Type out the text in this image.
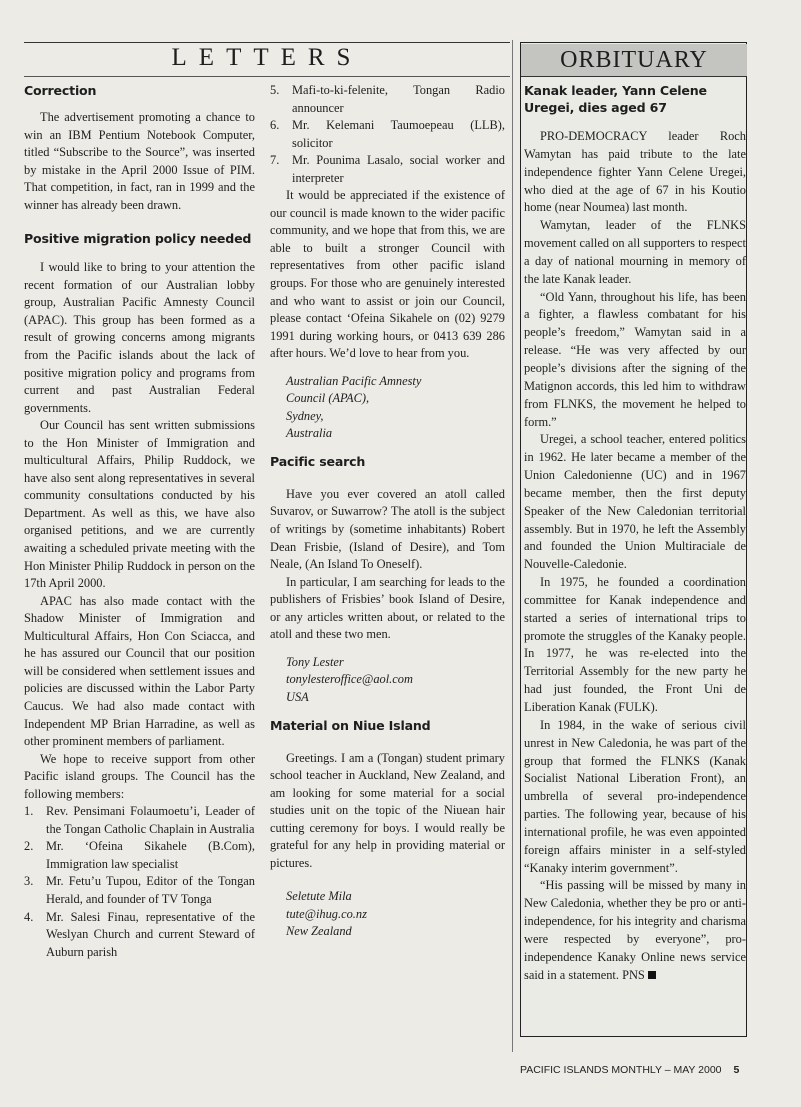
LETTERS
Correction

The advertisement promoting a chance to win an IBM Pentium Notebook Computer, titled “Subscribe to the Source”, was inserted by mistake in the April 2000 Issue of PIM. That competition, in fact, ran in 1999 and the winner has already been drawn.

Positive migration policy needed

I would like to bring to your attention the recent formation of our Australian lobby group, Australian Pacific Amnesty Council (APAC). This group has been formed as a result of growing concerns among migrants from the Pacific islands about the lack of positive migration policy and programs from current and past Australian Federal governments.

Our Council has sent written submissions to the Hon Minister of Immigration and multicultural Affairs, Philip Ruddock, we have also sent along representatives in several community consultations conducted by his Department. As well as this, we have also organised petitions, and we are currently awaiting a scheduled private meeting with the Hon Minister Philip Ruddock in person on the 17th April 2000.

APAC has also made contact with the Shadow Minister of Immigration and Multicultural Affairs, Hon Con Sciacca, and he has assured our Council that our position will be considered when settlement issues and policies are discussed within the Labor Party Caucus. We had also made contact with Independent MP Brian Harradine, as well as other prominent members of parliament.

We hope to receive support from other Pacific island groups. The Council has the following members:

1. Rev. Pensimani Folaumoetu’i, Leader of the Tongan Catholic Chaplain in Australia
2. Mr. ‘Ofeina Sikahele (B.Com), Immigration law specialist
3. Mr. Fetu’u Tupou, Editor of the Tongan Herald, and founder of TV Tonga
4. Mr. Salesi Finau, representative of the Weslyan Church and current Steward of Auburn parish
5. Mafi-to-ki-felenite, Tongan Radio announcer
6. Mr. Kelemani Taumoepeau (LLB), solicitor
7. Mr. Pounima Lasalo, social worker and interpreter

It would be appreciated if the existence of our council is made known to the wider pacific community, and we hope that from this, we are able to built a stronger Council with representatives from other pacific island groups. For those who are genuinely interested and who want to assist or join our Council, please contact ‘Ofeina Sikahele on (02) 9279 1991 during working hours, or 0413 639 286 after hours. We’d love to hear from you.

Australian Pacific Amnesty
Council (APAC),
Sydney,
Australia
Pacific search

Have you ever covered an atoll called Suvarov, or Suwarrow? The atoll is the subject of writings by (sometime inhabitants) Robert Dean Frisbie, (Island of Desire), and Tom Neale, (An Island To Oneself).

In particular, I am searching for leads to the publishers of Frisbies’ book Island of Desire, or any articles written about, or related to the atoll and these two men.

Tony Lester
tonylesteroffice@aol.com
USA
Material on Niue Island

Greetings. I am a (Tongan) student primary school teacher in Auckland, New Zealand, and am looking for some material for a social studies unit on the topic of the Niuean hair cutting ceremony for boys. I would really be grateful for any help in providing material or pictures.

Seletute Mila
tute@ihug.co.nz
New Zealand
ORBITUARY
Kanak leader, Yann Celene Uregei, dies aged 67

PRO-DEMOCRACY leader Roch Wamytan has paid tribute to the late independence fighter Yann Celene Uregei, who died at the age of 67 in his Koutio home (near Noumea) last month.

Wamytan, leader of the FLNKS movement called on all supporters to respect a day of national mourning in memory of the late Kanak leader.

“Old Yann, throughout his life, has been a fighter, a flawless combatant for his people’s freedom,” Wamytan said in a release. “He was very affected by our people’s divisions after the signing of the Matignon accords, this led him to withdraw from FLNKS, the movement he helped to form.”

Uregei, a school teacher, entered politics in 1962. He later became a member of the Union Caledonienne (UC) and in 1967 became member, then the first deputy Speaker of the New Caledonian territorial assembly. But in 1970, he left the Assembly and founded the Union Multiraciale de Nouvelle-Caledonie.

In 1975, he founded a coordination committee for Kanak independence and started a series of international trips to promote the struggles of the Kanaky people. In 1977, he was re-elected into the Territorial Assembly for the new party he had just founded, the Front Uni de Liberation Kanak (FULK).

In 1984, in the wake of serious civil unrest in New Caledonia, he was part of the group that formed the FLNKS (Kanak Socialist National Liberation Front), an umbrella of several pro-independence parties. The following year, because of his international profile, he was even appointed foreign affairs minister in a self-styled “Kanaky interim government”.

“His passing will be missed by many in New Caledonia, whether they be pro or anti-independence, for his integrity and charisma were respected by everyone”, pro-independence Kanaky Online news service said in a statement. PNS

PACIFIC ISLANDS MONTHLY – MAY 2000 5
